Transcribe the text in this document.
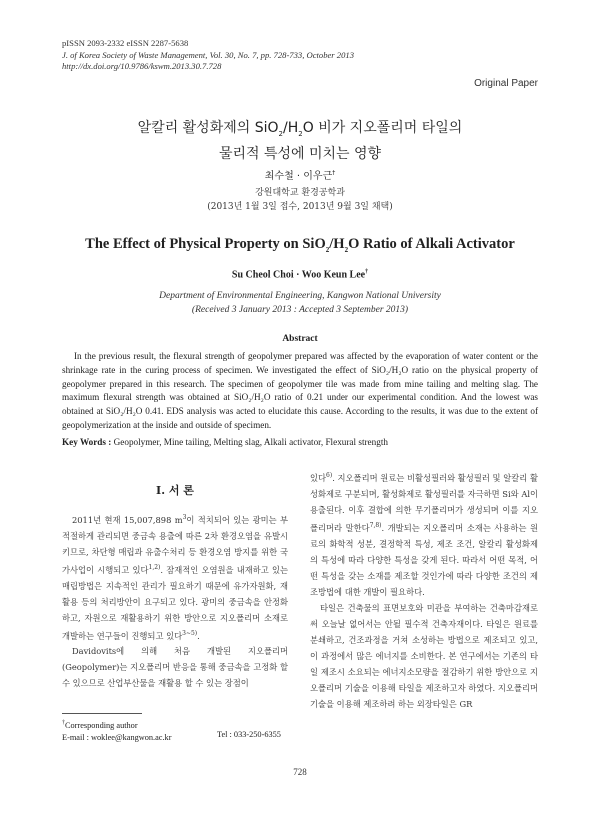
pISSN 2093-2332 eISSN 2287-5638
J. of Korea Society of Waste Management, Vol. 30, No. 7, pp. 728-733, October 2013
http://dx.doi.org/10.9786/kswm.2013.30.7.728
Original Paper
알칼리 활성화제의 $SiO_2/H_2O$ 비가 지오폴리머 타일의
물리적 특성에 미치는 영향
최수철 · 이우근†
강원대학교 환경공학과
(2013년 1월 3일 접수, 2013년 9월 3일 채택)
The Effect of Physical Property on $SiO_2/H_2O$ Ratio of Alkali Activator
Su Cheol Choi · Woo Keun Lee†
Department of Environmental Engineering, Kangwon National University
(Received 3 January 2013 : Accepted 3 September 2013)
Abstract
In the previous result, the flexural strength of geopolymer prepared was affected by the evaporation of water content or the shrinkage rate in the curing process of specimen. We investigated the effect of SiO₂/H₂O ratio on the physical property of geopolymer prepared in this research. The specimen of geopolymer tile was made from mine tailing and melting slag. The maximum flexural strength was obtained at SiO₂/H₂O ratio of 0.21 under our experimental condition. And the lowest was obtained at SiO₂/H₂O 0.41. EDS analysis was acted to elucidate this cause. According to the results, it was due to the extent of geopolymerization at the inside and outside of specimen.
Key Words : Geopolymer, Mine tailing, Melting slag, Alkali activator, Flexural strength
I. 서 론

2011년 현재 15,007,898 $m^3$이 적치되어 있는 광미는 부적절하게 관리되면 중금속 용출에 따른 2차 환경오염을 유발시키므로, 차단형 매립과 유출수처리 등 환경오염 방지를 위한 국가사업이 시행되고 있다$^{1,2)}$. 잠재적인 오염원을 내재하고 있는 매립방법은 지속적인 관리가 필요하기 때문에 유가자원화, 재활용 등의 처리방안이 요구되고 있다. 광미의 중금속을 안정화하고, 자원으로 재활용하기 위한 방안으로 지오폴리머 소재로 개발하는 연구들이 진행되고 있다$^{3\sim 5)}$.

Davidovits에 의해 처음 개발된 지오폴리머(Geopolymer)는 지오폴리머 반응을 통해 중금속을 고정화 할 수 있으므로 산업부산물을 재활용 할 수 있는 장점이

있다$^{6)}$. 지오폴리머 원료는 비활성필러와 활성필러 및 알칼리 활성화제로 구분되며, 활성화제로 활성필러를 자극하면 Si와 Al이 용출된다. 이후 결합에 의한 무기폴리머가 생성되며 이를 지오폴리머라 말한다$^{7,8)}$. 개발되는 지오폴리머 소재는 사용하는 원료의 화학적 성분, 결정학적 특성, 제조 조건, 알칼리 활성화제의 특성에 따라 다양한 특성을 갖게 된다. 따라서 어떤 목적, 어떤 특성을 갖는 소재를 제조할 것인가에 따라 다양한 조건의 제조방법에 대한 개발이 필요하다.

타일은 건축물의 표면보호와 미관을 부여하는 건축마감재로써 오늘날 없어서는 안될 필수적 건축자재이다. 타일은 원료를 분쇄하고, 건조과정을 거쳐 소성하는 방법으로 제조되고 있고, 이 과정에서 많은 에너지를 소비한다. 본 연구에서는 기존의 타일 제조시 소요되는 에너지소모량을 절감하기 위한 방안으로 지오폴리머 기술을 이용해 타일을 제조하고자 하였다. 지오폴리머 기술을 이용해 제조하려 하는 외장타일은 GR

†Corresponding author
E-mail : woklee@kangwon.ac.kr	Tel : 033-250-6355
728
